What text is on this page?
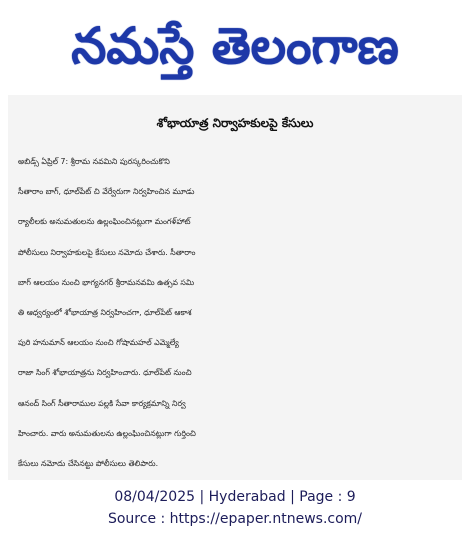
నమస్తే తెలంగాణ
శోభాయాత్ర నిర్వాహకులపై కేసులు
అబిడ్స్‌ ఏప్రిల్‌ 7: శ్రీరామ నవమిని పురస్కరించుకొని
సీతారాం బాగ్‌, ధూల్‌పేట్‌ చి వేర్వేరుగా నిర్వహించిన మూడు
ర్యాలీలకు అనుమతులను ఉల్లంఘించినట్లుగా మంగళ్‌హాట్‌
పోలీసులు నిర్వాహకులపై కేసులు నమోదు చేశారు. సీతారాం
బాగ్‌ ఆలయం నుంచి భాగ్యనగర్‌ శ్రీరామనవమి ఉత్సవ సమి
తి ఆధ్వర్యంలో శోభాయాత్ర నిర్వహించగా, ధూల్‌పేట్‌ ఆకాశ
పురి హనుమాన్‌ ఆలయం నుంచి గోషామహల్‌ ఎమ్మెల్యే
రాజా సింగ్‌ శోభాయాత్రను నిర్వహించారు. ధూల్‌పేట్‌ నుంచి
ఆనంద్‌ సింగ్‌ సీతారాముల పల్లకి సేవా కార్యక్రమాన్ని నిర్వ
హించారు. వారు అనుమతులను ఉల్లంఘించినట్లుగా గుర్తించి
కేసులు నమోదు చేసినట్టు పోలీసులు తెలిపారు.
08/04/2025 | Hyderabad | Page : 9
Source : https://epaper.ntnews.com/
